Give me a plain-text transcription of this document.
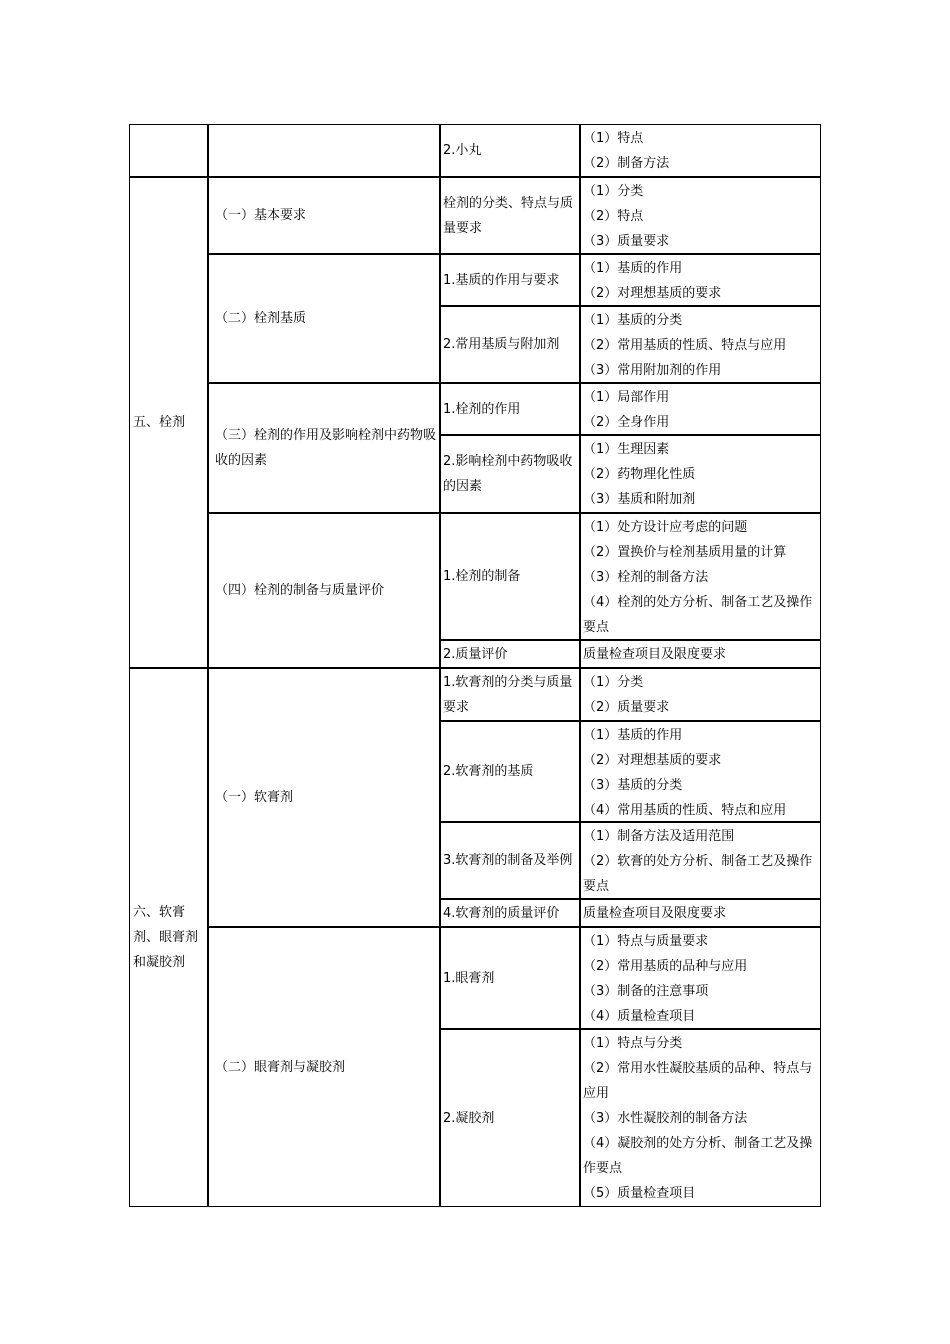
五、栓剂
六、软膏剂、眼膏剂和凝胶剂
（一）基本要求
（二）栓剂基质
（三）栓剂的作用及影响栓剂中药物吸收的因素
（四）栓剂的制备与质量评价
（一）软膏剂
（二）眼膏剂与凝胶剂
2.小丸
栓剂的分类、特点与质量要求
1.基质的作用与要求
2.常用基质与附加剂
1.栓剂的作用
2.影响栓剂中药物吸收的因素
1.栓剂的制备
2.质量评价
1.软膏剂的分类与质量要求
2.软膏剂的基质
3.软膏剂的制备及举例
4.软膏剂的质量评价
1.眼膏剂
2.凝胶剂
（1）特点
（2）制备方法
（1）分类
（2）特点
（3）质量要求
（1）基质的作用
（2）对理想基质的要求
（1）基质的分类
（2）常用基质的性质、特点与应用
（3）常用附加剂的作用
（1）局部作用
（2）全身作用
（1）生理因素
（2）药物理化性质
（3）基质和附加剂
（1）处方设计应考虑的问题
（2）置换价与栓剂基质用量的计算
（3）栓剂的制备方法
（4）栓剂的处方分析、制备工艺及操作要点
质量检查项目及限度要求
（1）分类
（2）质量要求
（1）基质的作用
（2）对理想基质的要求
（3）基质的分类
（4）常用基质的性质、特点和应用
（1）制备方法及适用范围
（2）软膏的处方分析、制备工艺及操作要点
质量检查项目及限度要求
（1）特点与质量要求
（2）常用基质的品种与应用
（3）制备的注意事项
（4）质量检查项目
（1）特点与分类
（2）常用水性凝胶基质的品种、特点与应用
（3）水性凝胶剂的制备方法
（4）凝胶剂的处方分析、制备工艺及操作要点
（5）质量检查项目
